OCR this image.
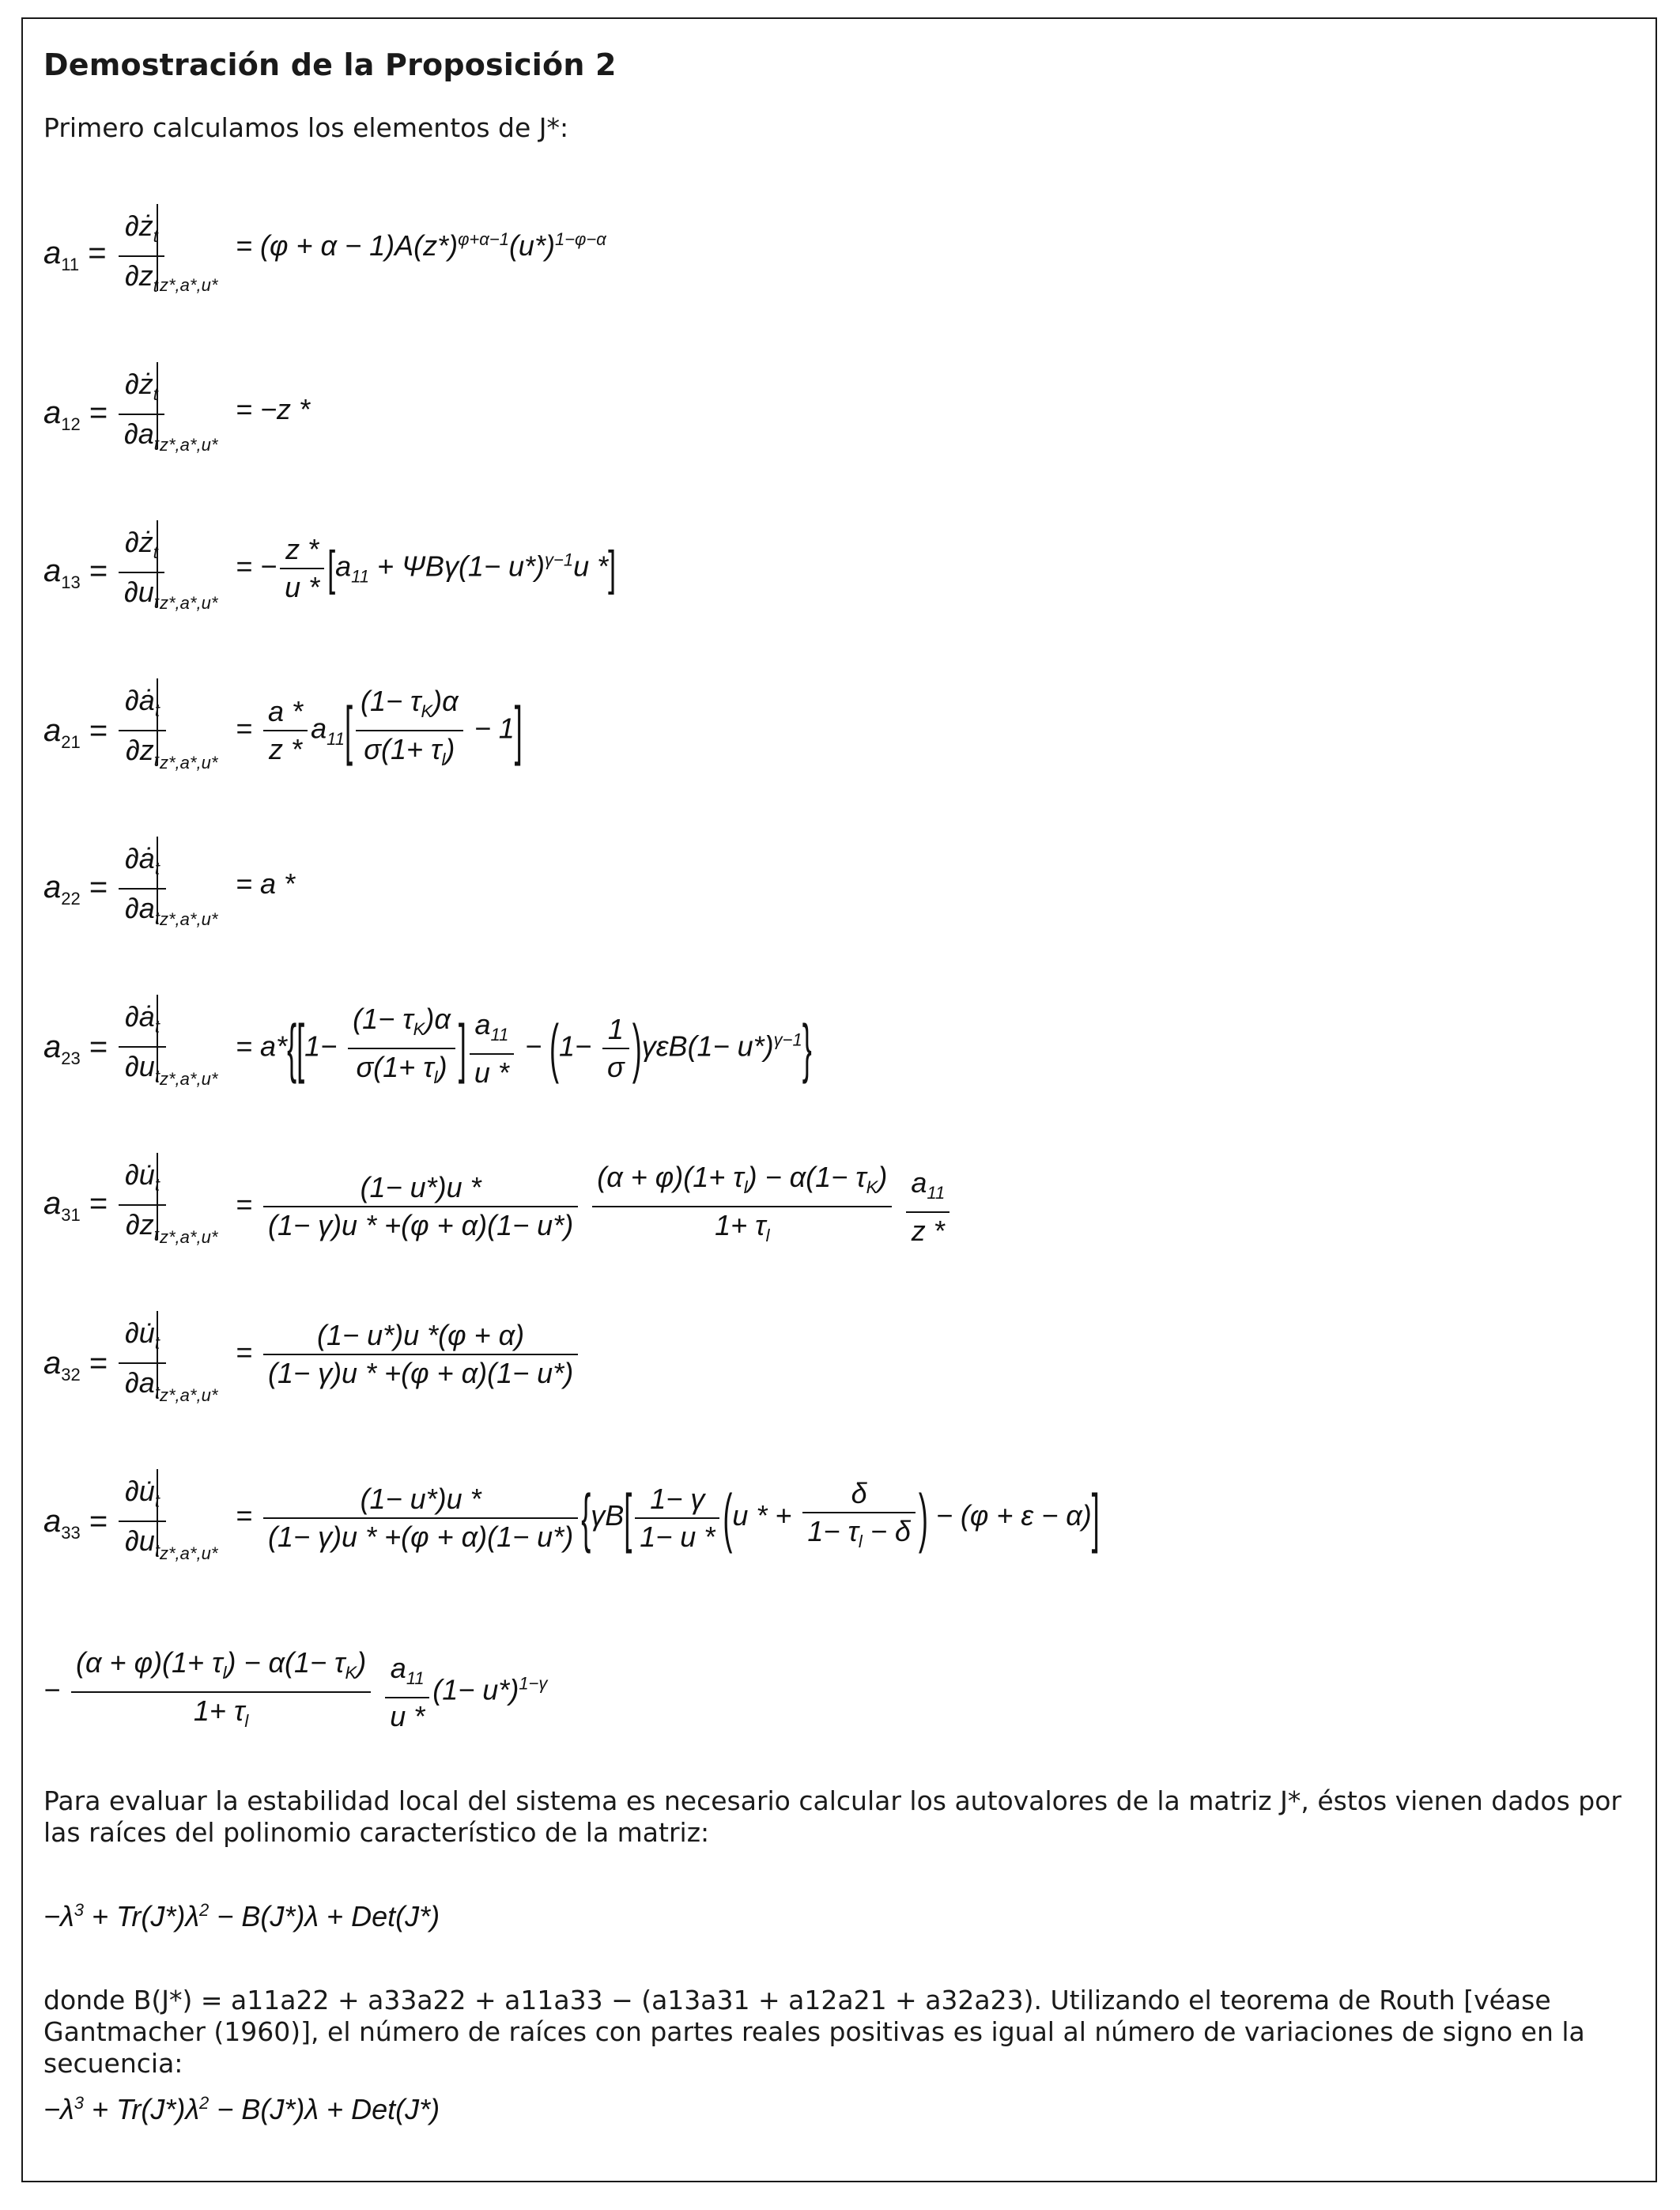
Demostración de la Proposición 2
Primero calculamos los elementos de J*:
$a_{11}$ =
$\partial ż_t$
$\partial z_t$ z*,a*,u*
= $(\varphi + \alpha - 1)A(z*)^{\varphi+\alpha-1}(u*)^{1-\varphi-\alpha}$
$a_{12}$ =
$\partial ż_t$
$\partial a_t$ z*,a*,u*
= −z *
$a_{13}$ =
$\partial ż_t$
$\partial u_t$ z*,a*,u*
= − $\frac{z *}{u *} [a_{11} + \Psi B\gamma(1- u*)^{\gamma-1}u$ *]
$a_{21}$ =
$\partial ȧ_t$
$\partial z_t$ z*,a*,u*
= $\frac{a *}{z *} a_{11}[ \frac{(1- \tau_K)\alpha}{\sigma(1+ \tau_l)} - 1]$
$a_{22}$ =
$\partial ȧ_t$
$\partial a_t$ z*,a*,u*
= a *
$a_{23}$ =
$\partial ȧ_t$
$\partial u_t$ z*,a*,u*
= $a*\{[1- \frac{(1- \tau_K)\alpha}{\sigma(1+ \tau_l)}$ ] $\frac{a_{11}}{u *} - (1- \frac{1}{\sigma} )\gamma\varepsilon B(1- u*)^{\gamma-1}$}
$a_{31}$ =
$\partial u̇_t$
$\partial z_t$ z*,a*,u*
= $\frac{(1- u*)u *}{(1- \gamma)u * +(\varphi + \alpha)(1- u*)}$
$\frac{(\alpha + \varphi)(1+ \tau_l) - \alpha(1- \tau_K)}{1+ \tau_l}$
$\frac{a_{11}}{z *}$
$a_{32}$ =
$\partial u̇_t$
$\partial a_t$ z*,a*,u*
= $\frac{(1- u*)u *(\varphi + \alpha)}{(1- \gamma)u * +(\varphi + \alpha)(1- u*)}$
$a_{33}$ =
$\partial u̇_t$
$\partial u_t$ z*,a*,u*
= $\frac{(1- u*)u *}{(1- \gamma)u * +(\varphi + \alpha)(1- u*)} \{\gamma B[ \frac{1- \gamma}{1- u *} (u$ * + $\frac{\delta}{1- \tau_l - \delta}$ ) − (φ + ε − α)]
− $\frac{(\alpha + \varphi)(1+ \tau_l) - \alpha(1- \tau_K)}{1+ \tau_l}$
$\frac{a_{11}}{u *} (1- u*)^{1-\gamma}$
Para evaluar la estabilidad local del sistema es necesario calcular los autovalores de la matriz J*, éstos vienen dados por las raíces del polinomio característico de la matriz:
$-\lambda^3 + Tr(J*)\lambda^2 - B(J*)\lambda + Det(J*)$
donde B(J*) = a11a22 + a33a22 + a11a33 − (a13a31 + a12a21 + a32a23). Utilizando el teorema de Routh [véase Gantmacher (1960)], el número de raíces con partes reales positivas es igual al número de variaciones de signo en la secuencia:
$-\lambda^3 + Tr(J*)\lambda^2 - B(J*)\lambda + Det(J*)$
